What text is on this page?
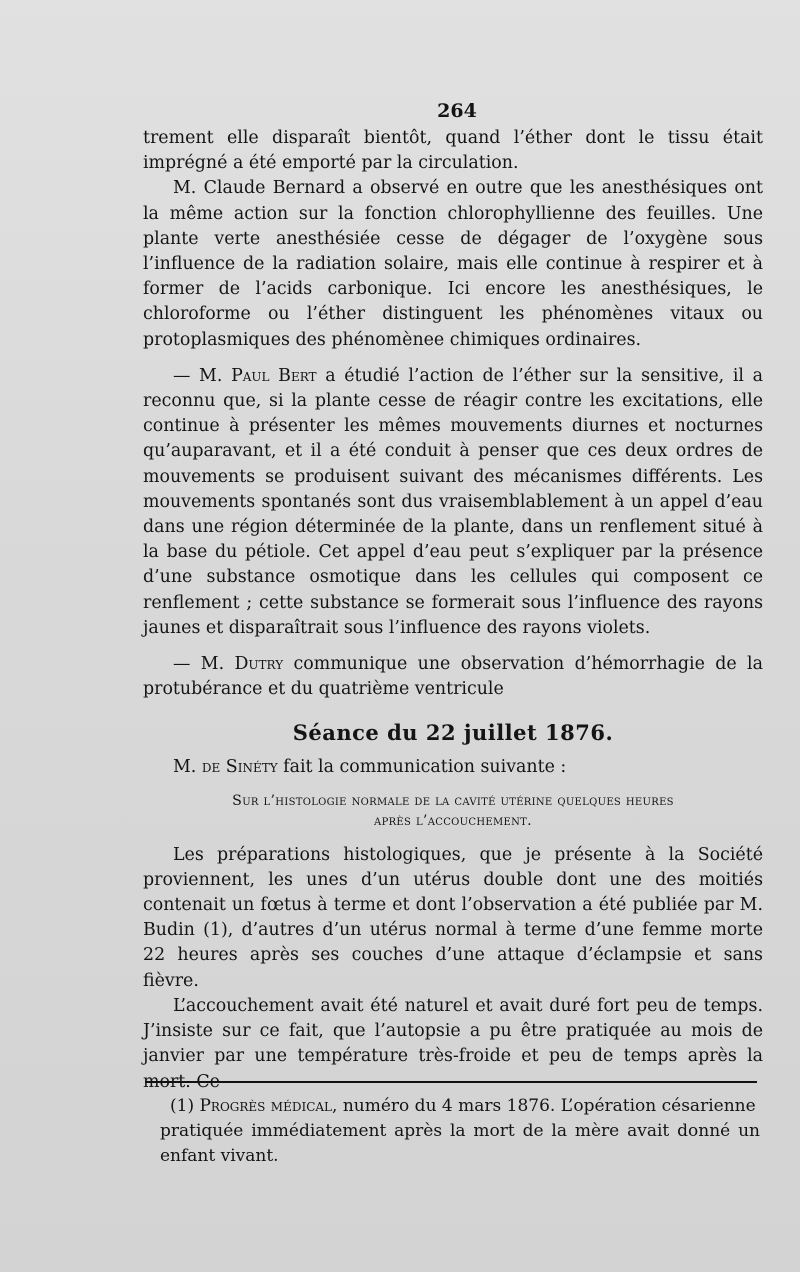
264

trement elle disparaît bientôt, quand l’éther dont le tissu était imprégné a été emporté par la circulation.

M. Claude Bernard a observé en outre que les anesthésiques ont la même action sur la fonction chlorophyllienne des feuilles. Une plante verte anesthésiée cesse de dégager de l’oxygène sous l’influence de la radiation solaire, mais elle continue à respirer et à former de l’acids carbonique. Ici encore les anesthésiques, le chloroforme ou l’éther distinguent les phénomènes vitaux ou protoplasmiques des phénomènee chimiques ordinaires.

— M. Paul Bert a étudié l’action de l’éther sur la sensitive, il a reconnu que, si la plante cesse de réagir contre les excitations, elle continue à présenter les mêmes mouvements diurnes et nocturnes qu’auparavant, et il a été conduit à penser que ces deux ordres de mouvements se produisent suivant des mécanismes différents. Les mouvements spontanés sont dus vraisemblablement à un appel d’eau dans une région déterminée de la plante, dans un renflement situé à la base du pétiole. Cet appel d’eau peut s’expliquer par la présence d’une substance osmotique dans les cellules qui composent ce renflement ; cette substance se formerait sous l’influence des rayons jaunes et disparaîtrait sous l’influence des rayons violets.

— M. Dutry communique une observation d’hémorrhagie de la protubérance et du quatrième ventricule

Séance du 22 juillet 1876.

M. de Sinéty fait la communication suivante :

Sur l’histologie normale de la cavité utérine quelques heures
après l’accouchement.

Les préparations histologiques, que je présente à la Société proviennent, les unes d’un utérus double dont une des moitiés contenait un fœtus à terme et dont l’observation a été publiée par M. Budin (1), d’autres d’un utérus normal à terme d’une femme morte 22 heures après ses couches d’une attaque d’éclampsie et sans fièvre.

L’accouchement avait été naturel et avait duré fort peu de temps. J’insiste sur ce fait, que l’autopsie a pu être pratiquée au mois de janvier par une température très-froide et peu de temps après la mort. Ce

(1) Progrès médical, numéro du 4 mars 1876. L’opération césarienne
pratiquée immédiatement après la mort de la mère avait donné un enfant vivant.
